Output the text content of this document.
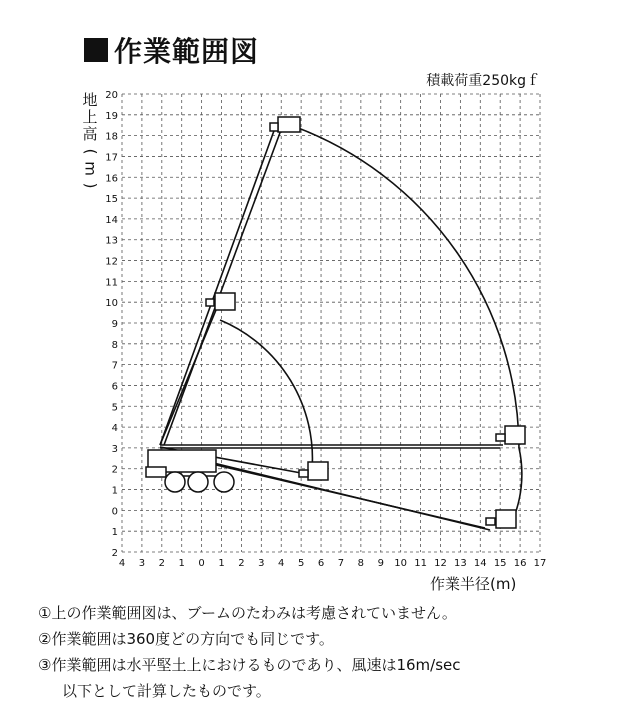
作業範囲図
積載荷重250kgｆ
地
上
高
(
m
)
20
19
18
17
16
15
14
13
12
11
10
9
8
7
6
5
4
3
2
1
0
1
2
4 3 2 1 0 1 2 3 4 5 6 7 8 9 10 11 12 13 14 15 16 17
作業半径(m)

①上の作業範囲図は、ブームのたわみは考慮されていません。

②作業範囲は360度どの方向でも同じです。

③作業範囲は水平堅土上におけるものであり、風速は16m/sec

以下として計算したものです。
